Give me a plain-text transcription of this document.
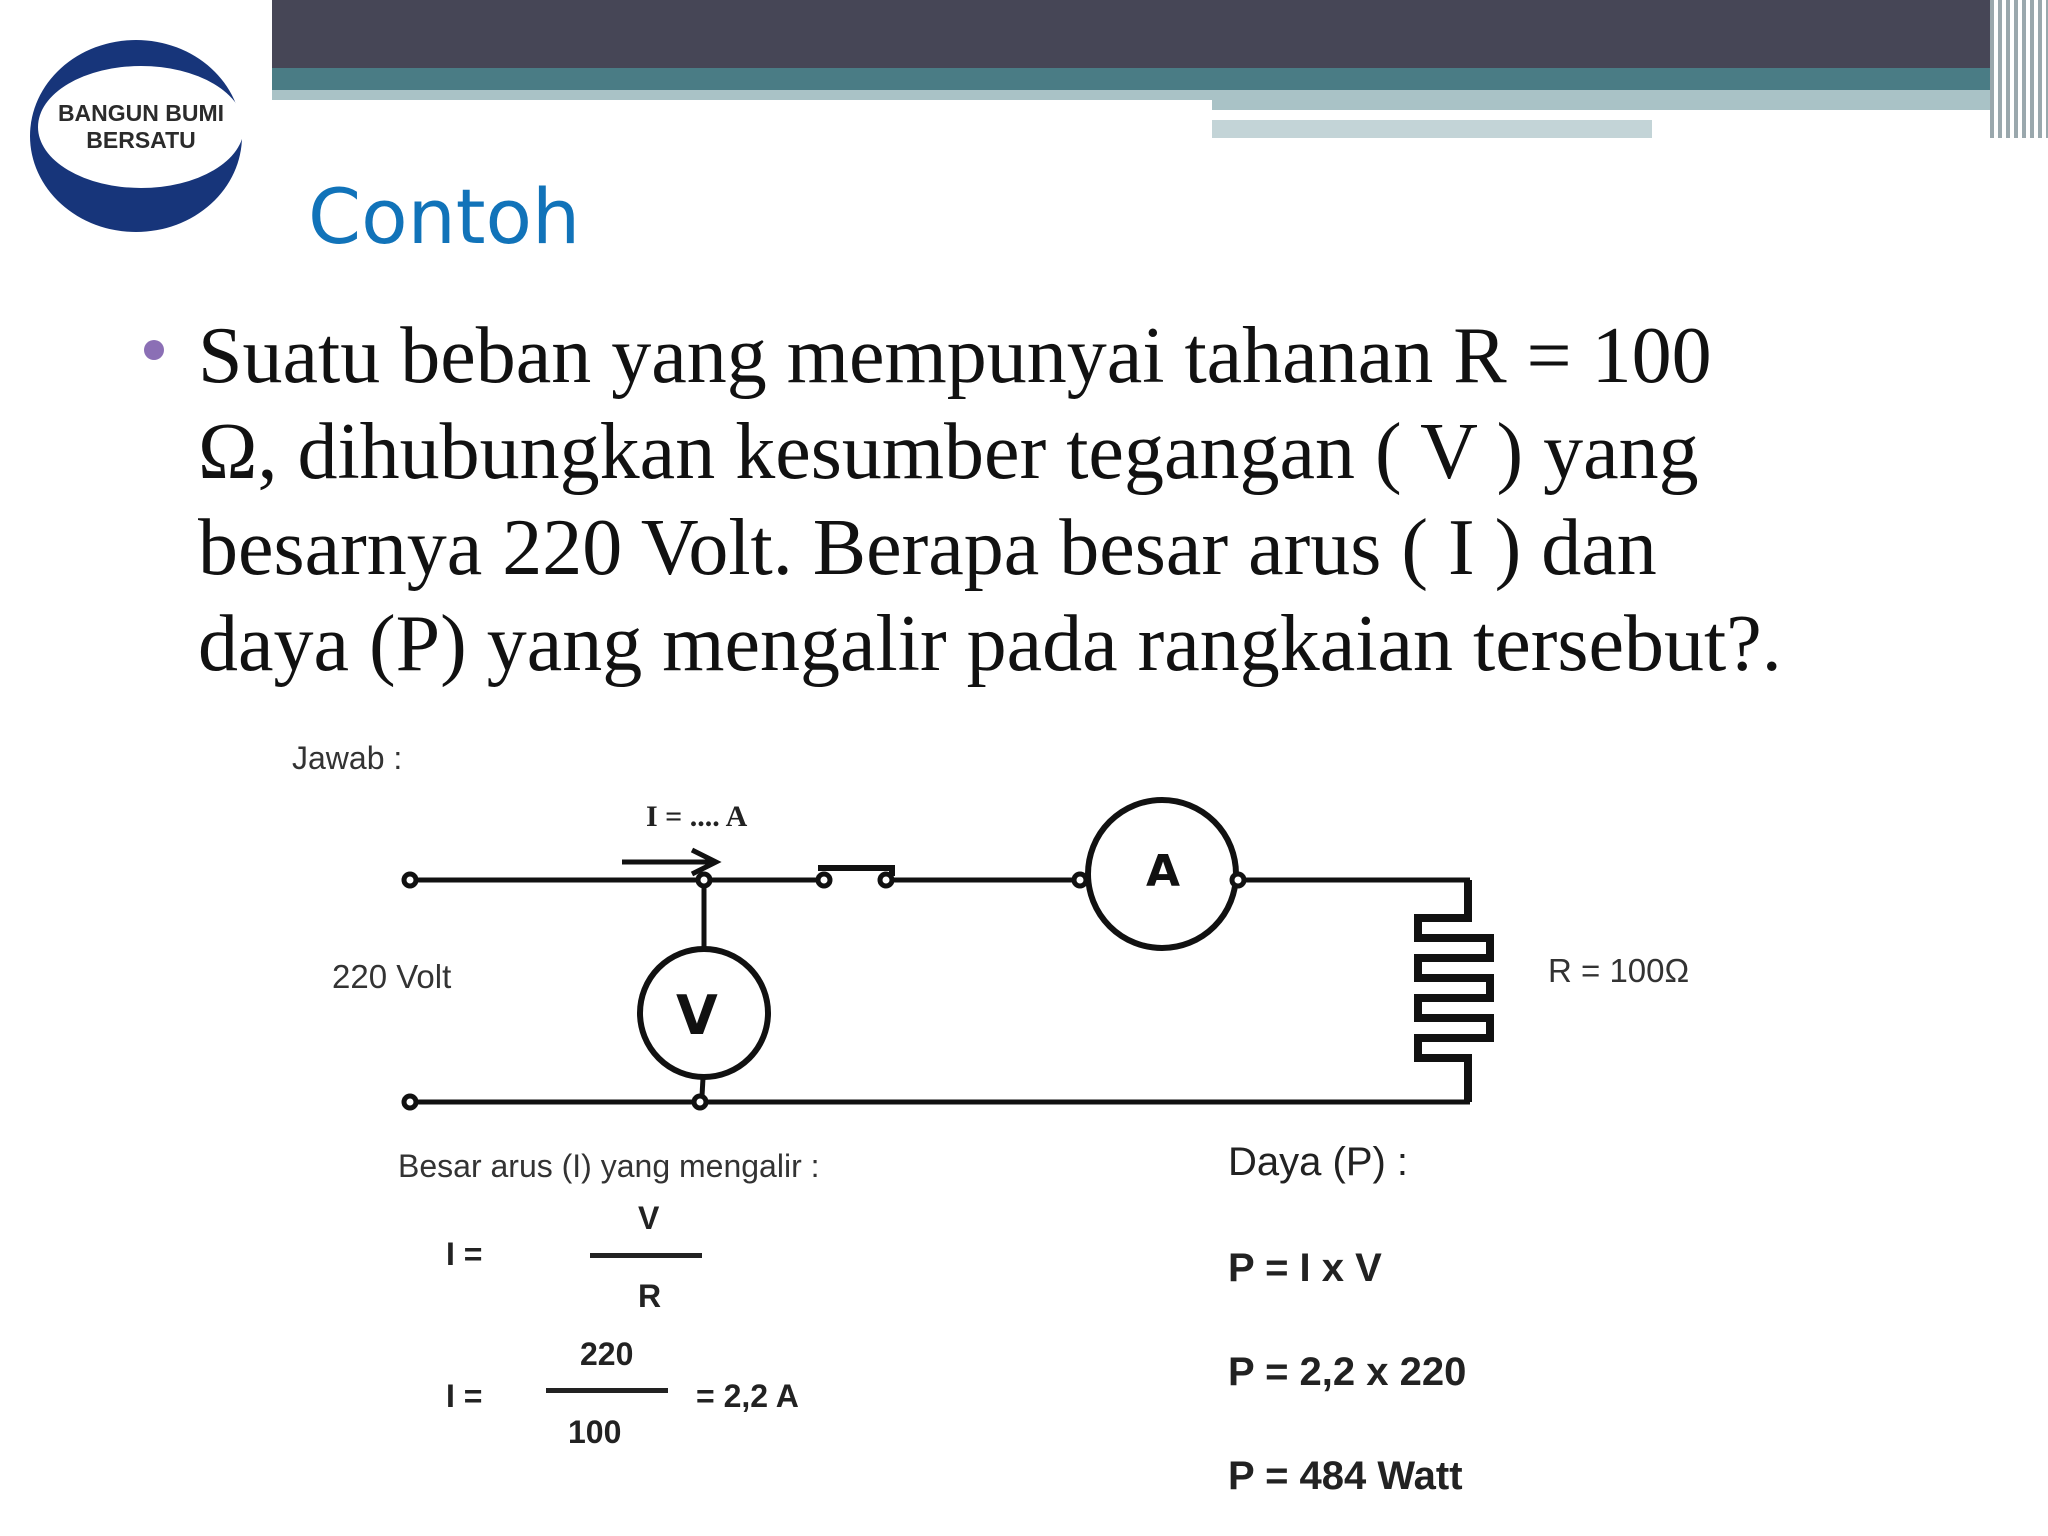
BANGUN BUMI
BERSATU
Contoh
Suatu beban yang mempunyai tahanan R = 100
Ω, dihubungkan kesumber tegangan ( V ) yang
besarnya 220 Volt. Berapa besar arus ( I ) dan
daya (P) yang mengalir pada rangkaian tersebut?.
Jawab :
I = .... A
220 Volt	R = 100Ω
A
V
Besar arus (I) yang mengalir :
I =
V
R
I =
220
100
= 2,2 A
Daya (P) :
P = I x V
P = 2,2 x 220
P = 484 Watt
